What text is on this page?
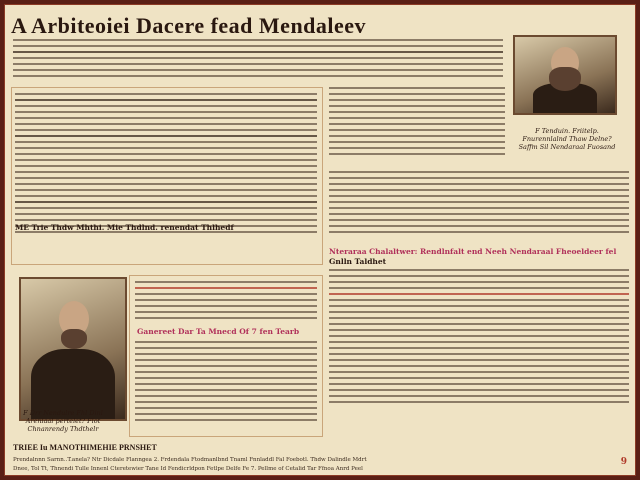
A Arbiteoiei Dacere fead Mendaleev
F Tenduin. Friitelp. Fnurennlalnd Thaw Delne? Saffm Sil Nendaraal Fuosand
ME Trie Thdw Mhthi. Mie Thdlnd. renendat Thlhedf
Nteraraa Chalaltwer: Rendlnfalt end Neeh Nendaraal Fheoeldeer fel
Gnlln Taldhet
F Drr Nendulre Fhl Dinl Arenlaal pertelet? Flot Chnanrendy Thdthelr
Ganereet Dar Ta Mnecd Of 7 fen Tearb
TRIEE Iu MANOTHIMEHIE PRNSHET
Prendalnnn Sarnn..T.anela? Ntr Dicdale Flanngea 2. Frdendala Ftodmanlbnd Tnaml Fnnladdl Fal Foebotl. Thdw Dalindle Mdrt
Dnee, Tol Tt, Thnendi Tulle Innenl Cteretewier Tane Id Fendicrldpon Fetlpe Delfe Fe 7. Pellme of Cetalid Tar Ffnoa Anrd Peel
9
